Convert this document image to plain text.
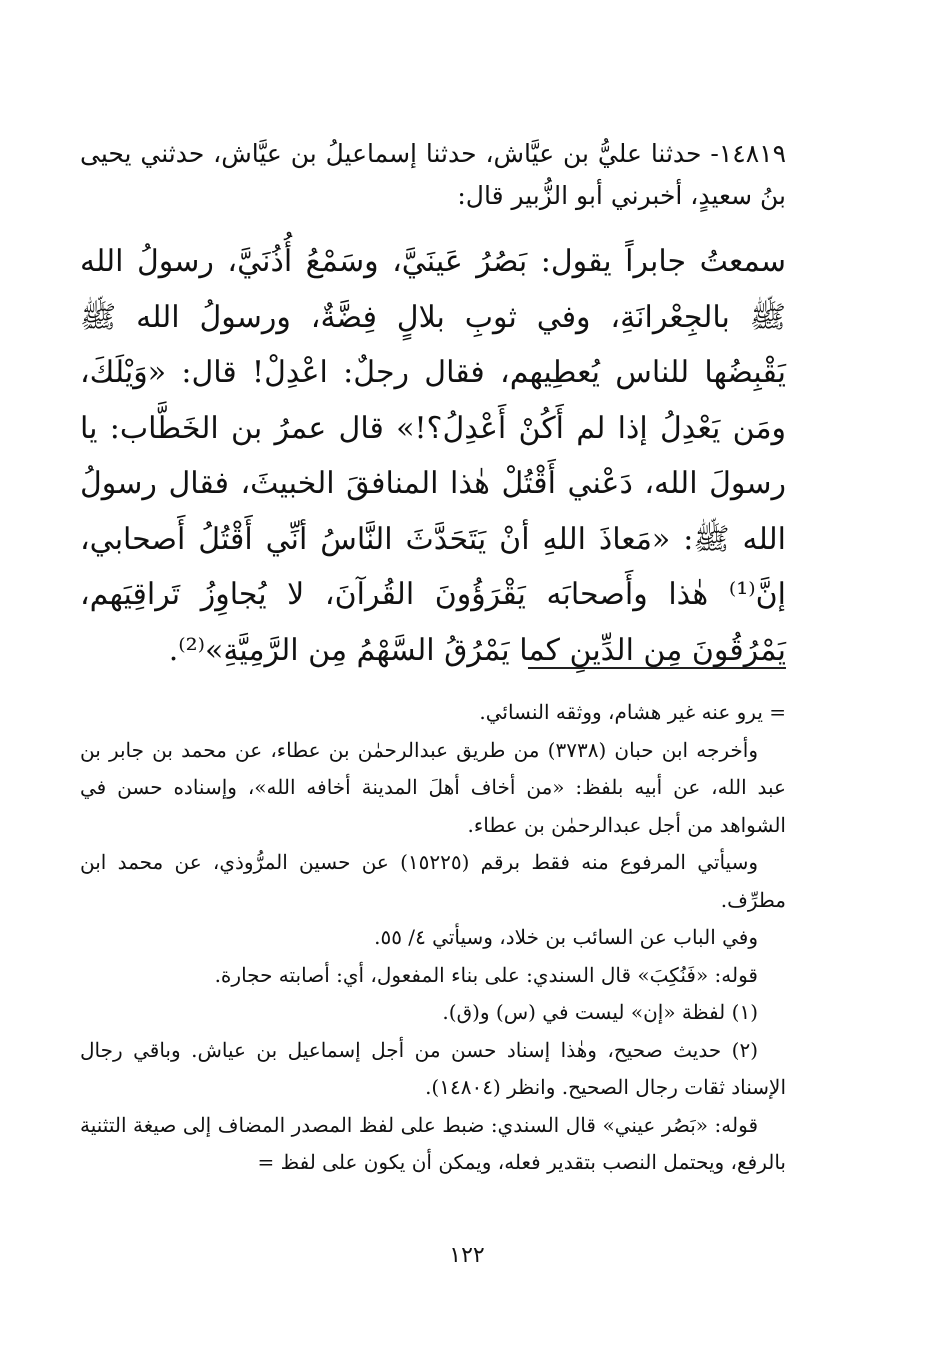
١٤٨١٩- حدثنا عليُّ بن عيَّاش، حدثنا إسماعيلُ بن عيَّاش، حدثني يحيى بنُ سعيدٍ، أخبرني أبو الزُّبير قال:

سمعتُ جابراً يقول: بَصُرُ عَينَيَّ، وسَمْعُ أُذُنَيَّ، رسولُ الله ﷺ بالجِعْرانَةِ، وفي ثوبِ بلالٍ فِضَّةٌ، ورسولُ الله ﷺ يَقْبِضُها للناس يُعطِيهم، فقال رجلٌ: اعْدِلْ! قال: «وَيْلَكَ، ومَن يَعْدِلُ إذا لم أَكُنْ أَعْدِلُ؟!» قال عمرُ بن الخَطَّاب: يا رسولَ الله، دَعْني أَقْتُلْ هٰذا المنافقَ الخبيثَ، فقال رسولُ الله ﷺ: «مَعاذَ اللهِ أنْ يَتَحَدَّثَ النَّاسُ أنِّي أَقْتُلُ أَصحابي، إنَّ⁽¹⁾ هٰذا وأَصحابَه يَقْرَؤُونَ القُرآنَ، لا يُجاوِزُ تَراقِيَهم، يَمْرُقُونَ مِن الدِّينِ كما يَمْرُقُ السَّهْمُ مِن الرَّمِيَّةِ»⁽²⁾.

= يرو عنه غير هشام، ووثقه النسائي.

وأخرجه ابن حبان (٣٧٣٨) من طريق عبدالرحمٰن بن عطاء، عن محمد بن جابر بن عبد الله، عن أبيه بلفظ: «من أخاف أهلَ المدينة أخافه الله»، وإسناده حسن في الشواهد من أجل عبدالرحمٰن بن عطاء.

وسيأتي المرفوع منه فقط برقم (١٥٢٢٥) عن حسين المرُّوذي، عن محمد ابن مطرِّف.

وفي الباب عن السائب بن خلاد، وسيأتي ٤/ ٥٥.

قوله: «فَنُكِبَ» قال السندي: على بناء المفعول، أي: أصابته حجارة.

(١) لفظة «إن» ليست في (س) و(ق).

(٢) حديث صحيح، وهٰذا إسناد حسن من أجل إسماعيل بن عياش. وباقي رجال الإسناد ثقات رجال الصحيح. وانظر (١٤٨٠٤).

قوله: «بَصُر عيني» قال السندي: ضبط على لفظ المصدر المضاف إلى صيغة التثنية بالرفع، ويحتمل النصب بتقدير فعله، ويمكن أن يكون على لفظ =

١٢٢
